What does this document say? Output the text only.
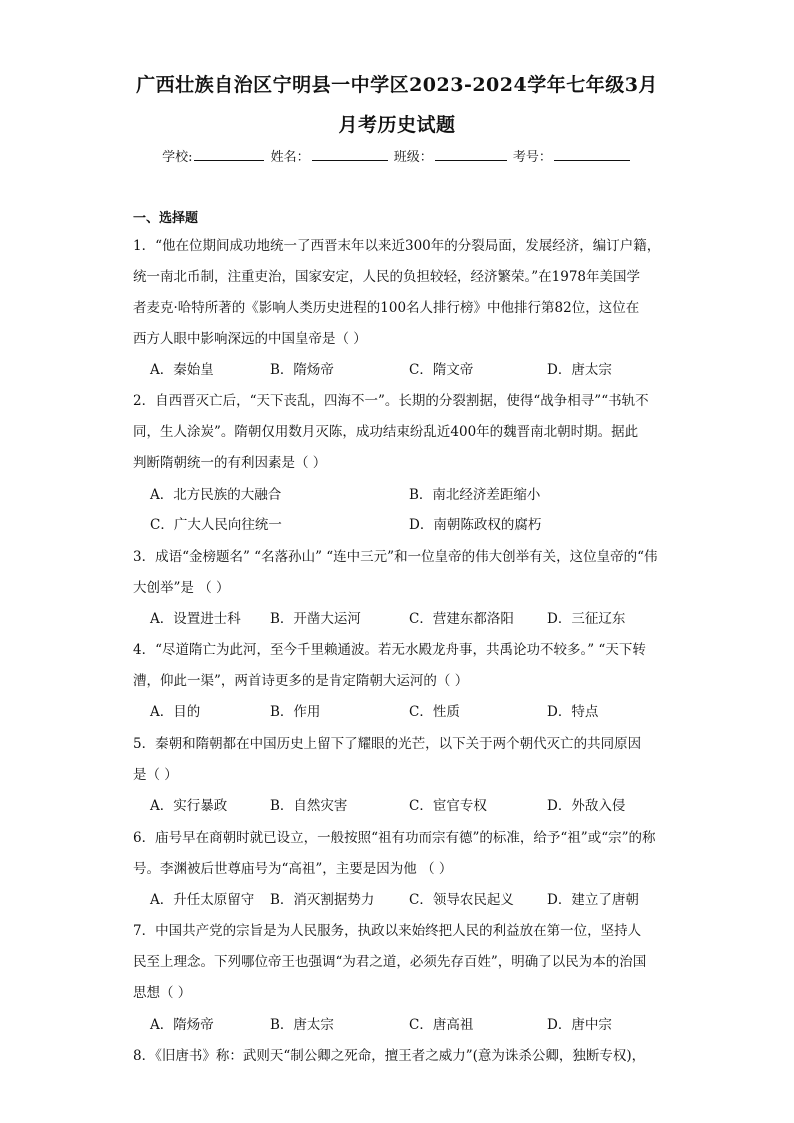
广西壮族自治区宁明县一中学区2023-2024学年七年级3月
月考历史试题
学校:	姓名：	班级：	考号：
一、选择题
1．“他在位期间成功地统一了西晋末年以来近300年的分裂局面，发展经济，编订户籍，
统一南北币制，注重吏治，国家安定，人民的负担较轻，经济繁荣。”在1978年美国学
者麦克·哈特所著的《影响人类历史进程的100名人排行榜》中他排行第82位，这位在
西方人眼中影响深远的中国皇帝是（ ）
A．秦始皇	B．隋炀帝	C．隋文帝	D．唐太宗
2．自西晋灭亡后，“天下丧乱，四海不一”。长期的分裂割据，使得“战争相寻”“书轨不
同，生人涂炭”。隋朝仅用数月灭陈，成功结束纷乱近400年的魏晋南北朝时期。据此
判断隋朝统一的有利因素是（ ）
A．北方民族的大融合	B．南北经济差距缩小
C．广大人民向往统一	D．南朝陈政权的腐朽
3．成语“金榜题名” “名落孙山” “连中三元”和一位皇帝的伟大创举有关，这位皇帝的“伟
大创举”是 （ ）
A．设置进士科 B．开凿大运河	C．营建东都洛阳 D．三征辽东
4．“尽道隋亡为此河，至今千里赖通波。若无水殿龙舟事，共禹论功不较多。” “天下转
漕，仰此一渠”，两首诗更多的是肯定隋朝大运河的（ ）
A．目的	B．作用	C．性质	D．特点
5．秦朝和隋朝都在中国历史上留下了耀眼的光芒，以下关于两个朝代灭亡的共同原因
是（ ）
A．实行暴政	B．自然灾害	C．宦官专权	D．外敌入侵
6．庙号早在商朝时就已设立，一般按照“祖有功而宗有德”的标准，给予“祖”或“宗”的称
号。李渊被后世尊庙号为“高祖”，主要是因为他 （ ）
A．升任太原留守 B．消灭割据势力	C．领导农民起义 D．建立了唐朝
7．中国共产党的宗旨是为人民服务，执政以来始终把人民的利益放在第一位，坚持人
民至上理念。下列哪位帝王也强调“为君之道，必须先存百姓”，明确了以民为本的治国
思想（ ）
A．隋炀帝	B．唐太宗	C．唐高祖	D．唐中宗
8．《旧唐书》称：武则天“制公卿之死命，擅王者之威力”(意为诛杀公卿，独断专权)，
